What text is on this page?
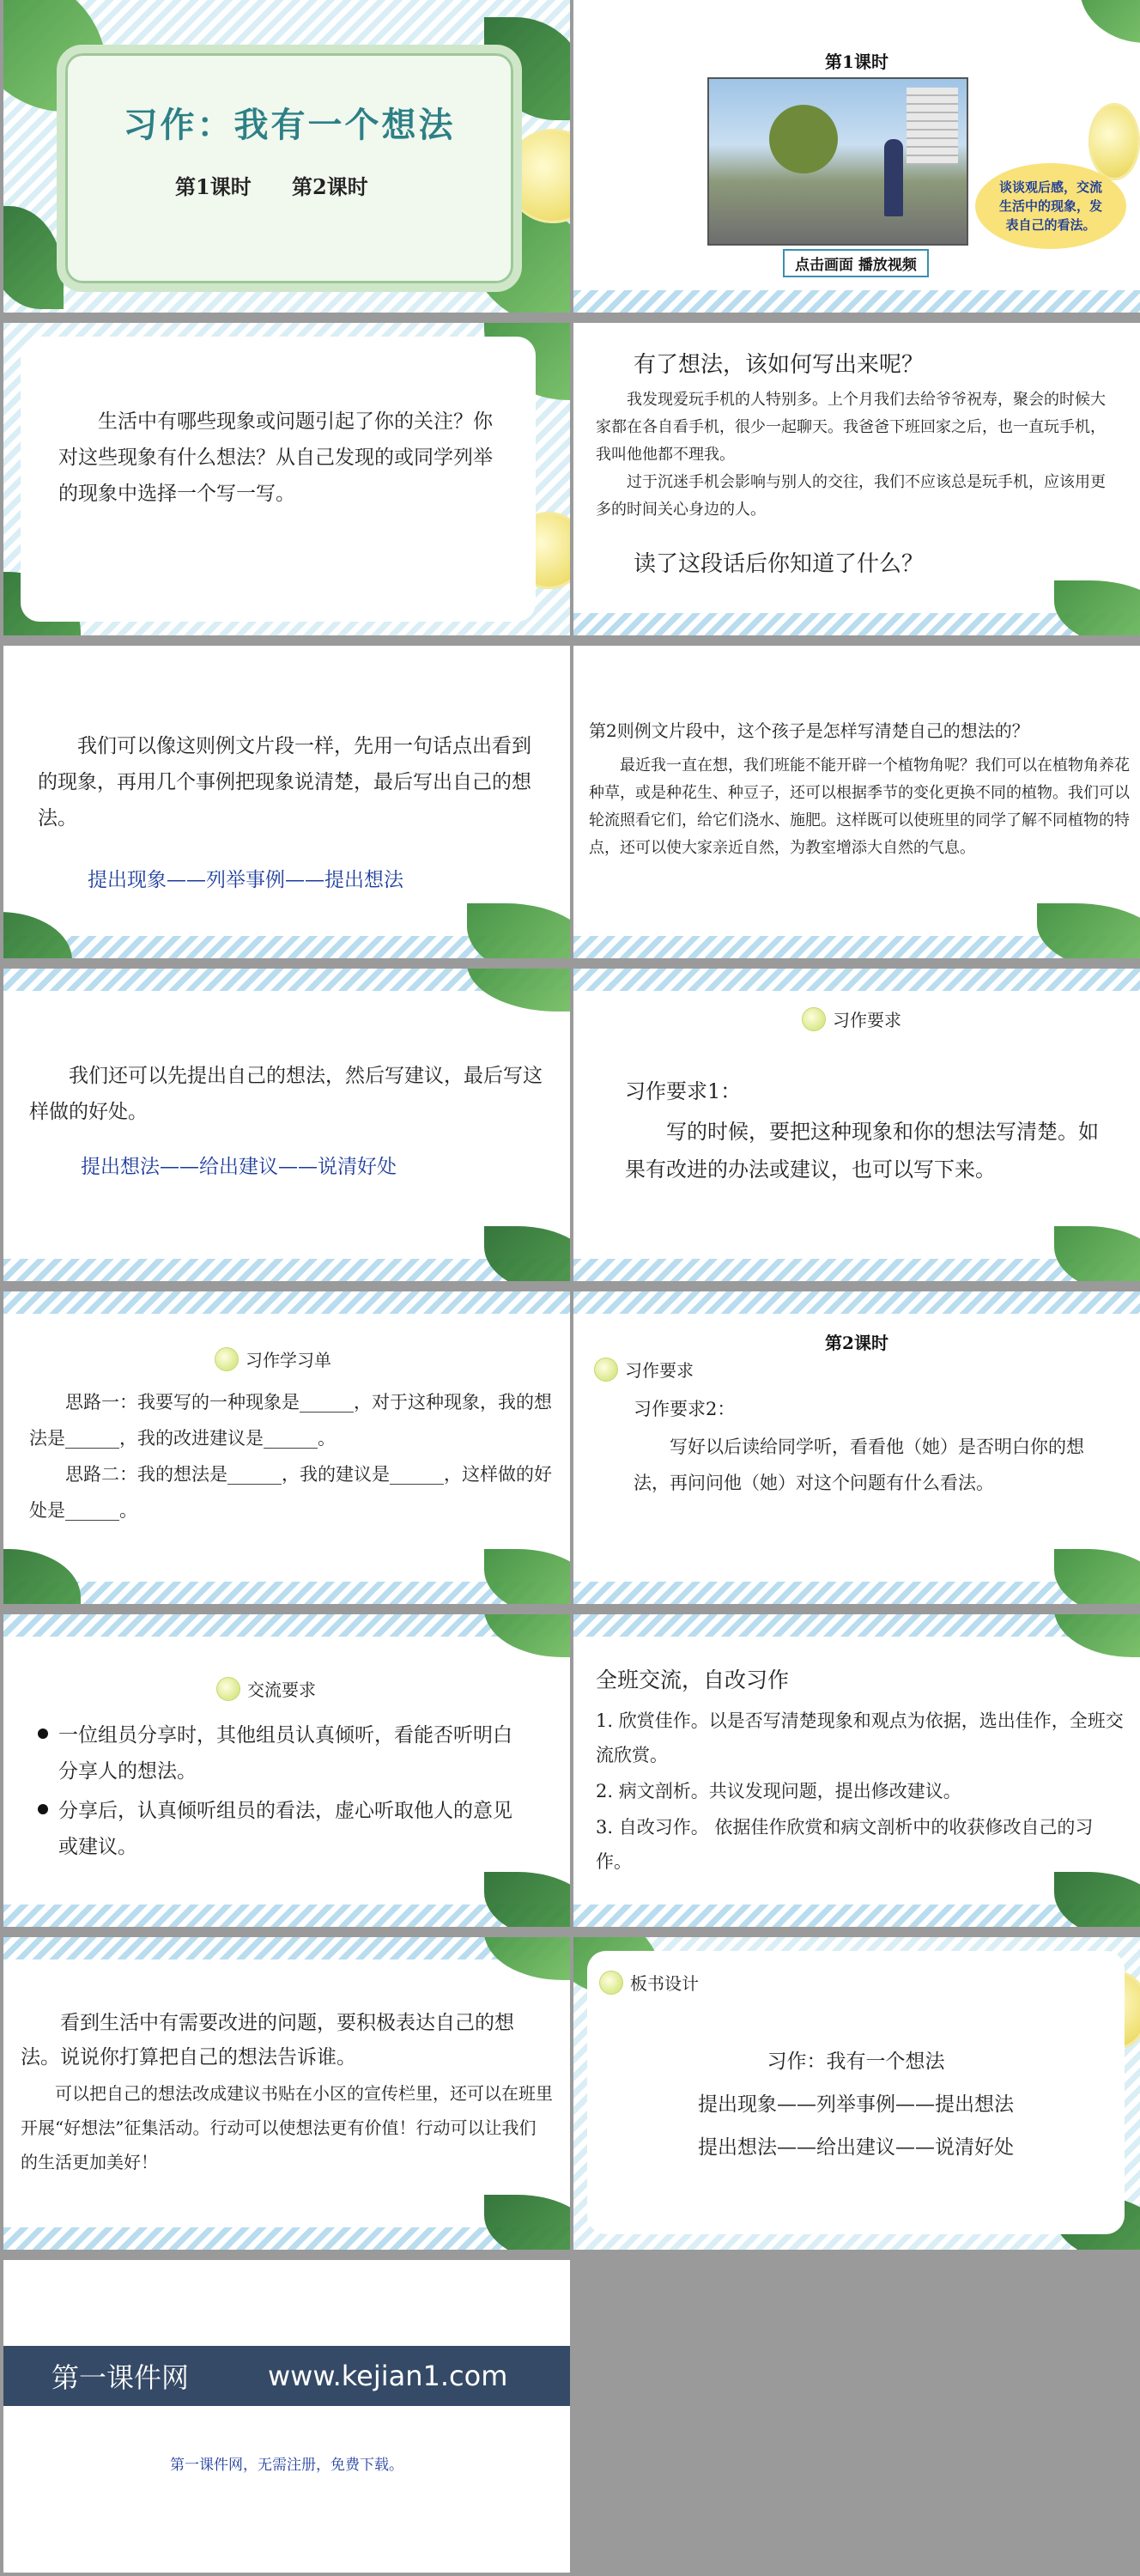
习作：我有一个想法
第1课时 第2课时
第1课时
谈谈观后感，交流生活中的现象，发表自己的看法。
点击画面 播放视频
生活中有哪些现象或问题引起了你的关注？你对这些现象有什么想法？从自己发现的或同学列举的现象中选择一个写一写。
有了想法，该如何写出来呢？
我发现爱玩手机的人特别多。上个月我们去给爷爷祝寿，聚会的时候大家都在各自看手机，很少一起聊天。我爸爸下班回家之后，也一直玩手机，我叫他他都不理我。
过于沉迷手机会影响与别人的交往，我们不应该总是玩手机，应该用更多的时间关心身边的人。
读了这段话后你知道了什么？
我们可以像这则例文片段一样，先用一句话点出看到的现象，再用几个事例把现象说清楚，最后写出自己的想法。
提出现象——列举事例——提出想法
第2则例文片段中，这个孩子是怎样写清楚自己的想法的？
最近我一直在想，我们班能不能开辟一个植物角呢？我们可以在植物角养花种草，或是种花生、种豆子，还可以根据季节的变化更换不同的植物。我们可以轮流照看它们，给它们浇水、施肥。这样既可以使班里的同学了解不同植物的特点，还可以使大家亲近自然，为教室增添大自然的气息。
我们还可以先提出自己的想法，然后写建议，最后写这样做的好处。
提出想法——给出建议——说清好处
习作要求
习作要求1：
写的时候，要把这种现象和你的想法写清楚。如果有改进的办法或建议，也可以写下来。
习作学习单
思路一：我要写的一种现象是______，对于这种现象，我的想法是______，我的改进建议是______。
思路二：我的想法是______，我的建议是______，这样做的好处是______。
第2课时
习作要求
习作要求2：
写好以后读给同学听，看看他（她）是否明白你的想法，再问问他（她）对这个问题有什么看法。
交流要求
一位组员分享时，其他组员认真倾听，看能否听明白分享人的想法。
分享后，认真倾听组员的看法，虚心听取他人的意见或建议。
全班交流，自改习作
1. 欣赏佳作。以是否写清楚现象和观点为依据，选出佳作，全班交流欣赏。
2. 病文剖析。共议发现问题，提出修改建议。
3. 自改习作。 依据佳作欣赏和病文剖析中的收获修改自己的习作。
看到生活中有需要改进的问题，要积极表达自己的想法。说说你打算把自己的想法告诉谁。
可以把自己的想法改成建议书贴在小区的宣传栏里，还可以在班里开展“好想法”征集活动。行动可以使想法更有价值！行动可以让我们的生活更加美好！
板书设计
习作：我有一个想法
提出现象——列举事例——提出想法
提出想法——给出建议——说清好处
第一课件网	www.kejian1.com
第一课件网，无需注册，免费下载。
